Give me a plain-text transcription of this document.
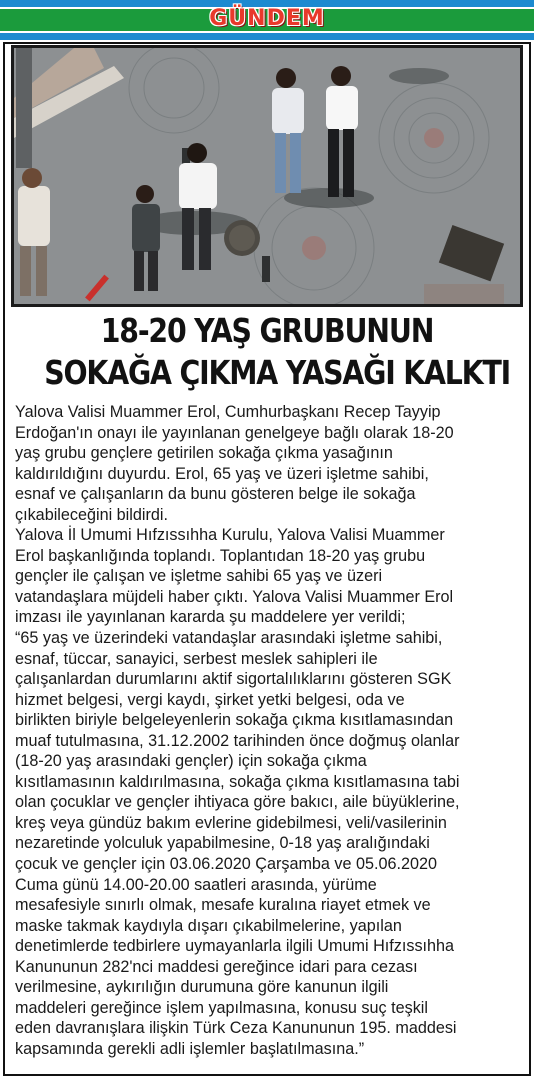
GÜNDEM
18-20 YAŞ GRUBUNUN
SOKAĞA ÇIKMA YASAĞI KALKTI
Yalova Valisi Muammer Erol, Cumhurbaşkanı Recep Tayyip
Erdoğan'ın onayı ile yayınlanan genelgeye bağlı olarak 18-20
yaş grubu gençlere getirilen sokağa çıkma yasağının
kaldırıldığını duyurdu. Erol, 65 yaş ve üzeri işletme sahibi,
esnaf ve çalışanların da bunu gösteren belge ile sokağa
çıkabileceğini bildirdi.
Yalova İl Umumi Hıfzıssıhha Kurulu, Yalova Valisi Muammer
Erol başkanlığında toplandı. Toplantıdan 18-20 yaş grubu
gençler ile çalışan ve işletme sahibi 65 yaş ve üzeri
vatandaşlara müjdeli haber çıktı. Yalova Valisi Muammer Erol
imzası ile yayınlanan kararda şu maddelere yer verildi;
“65 yaş ve üzerindeki vatandaşlar arasındaki işletme sahibi,
esnaf, tüccar, sanayici, serbest meslek sahipleri ile
çalışanlardan durumlarını aktif sigortalılıklarını gösteren SGK
hizmet belgesi, vergi kaydı, şirket yetki belgesi, oda ve
birlikten biriyle belgeleyenlerin sokağa çıkma kısıtlamasından
muaf tutulmasına, 31.12.2002 tarihinden önce doğmuş olanlar
(18-20 yaş arasındaki gençler) için sokağa çıkma
kısıtlamasının kaldırılmasına, sokağa çıkma kısıtlamasına tabi
olan çocuklar ve gençler ihtiyaca göre bakıcı, aile büyüklerine,
kreş veya gündüz bakım evlerine gidebilmesi, veli/vasilerinin
nezaretinde yolculuk yapabilmesine, 0-18 yaş aralığındaki
çocuk ve gençler için 03.06.2020 Çarşamba ve 05.06.2020
Cuma günü 14.00-20.00 saatleri arasında, yürüme
mesafesiyle sınırlı olmak, mesafe kuralına riayet etmek ve
maske takmak kaydıyla dışarı çıkabilmelerine, yapılan
denetimlerde tedbirlere uymayanlarla ilgili Umumi Hıfzıssıhha
Kanununun 282'nci maddesi gereğince idari para cezası
verilmesine, aykırılığın durumuna göre kanunun ilgili
maddeleri gereğince işlem yapılmasına, konusu suç teşkil
eden davranışlara ilişkin Türk Ceza Kanununun 195. maddesi
kapsamında gerekli adli işlemler başlatılmasına.”
